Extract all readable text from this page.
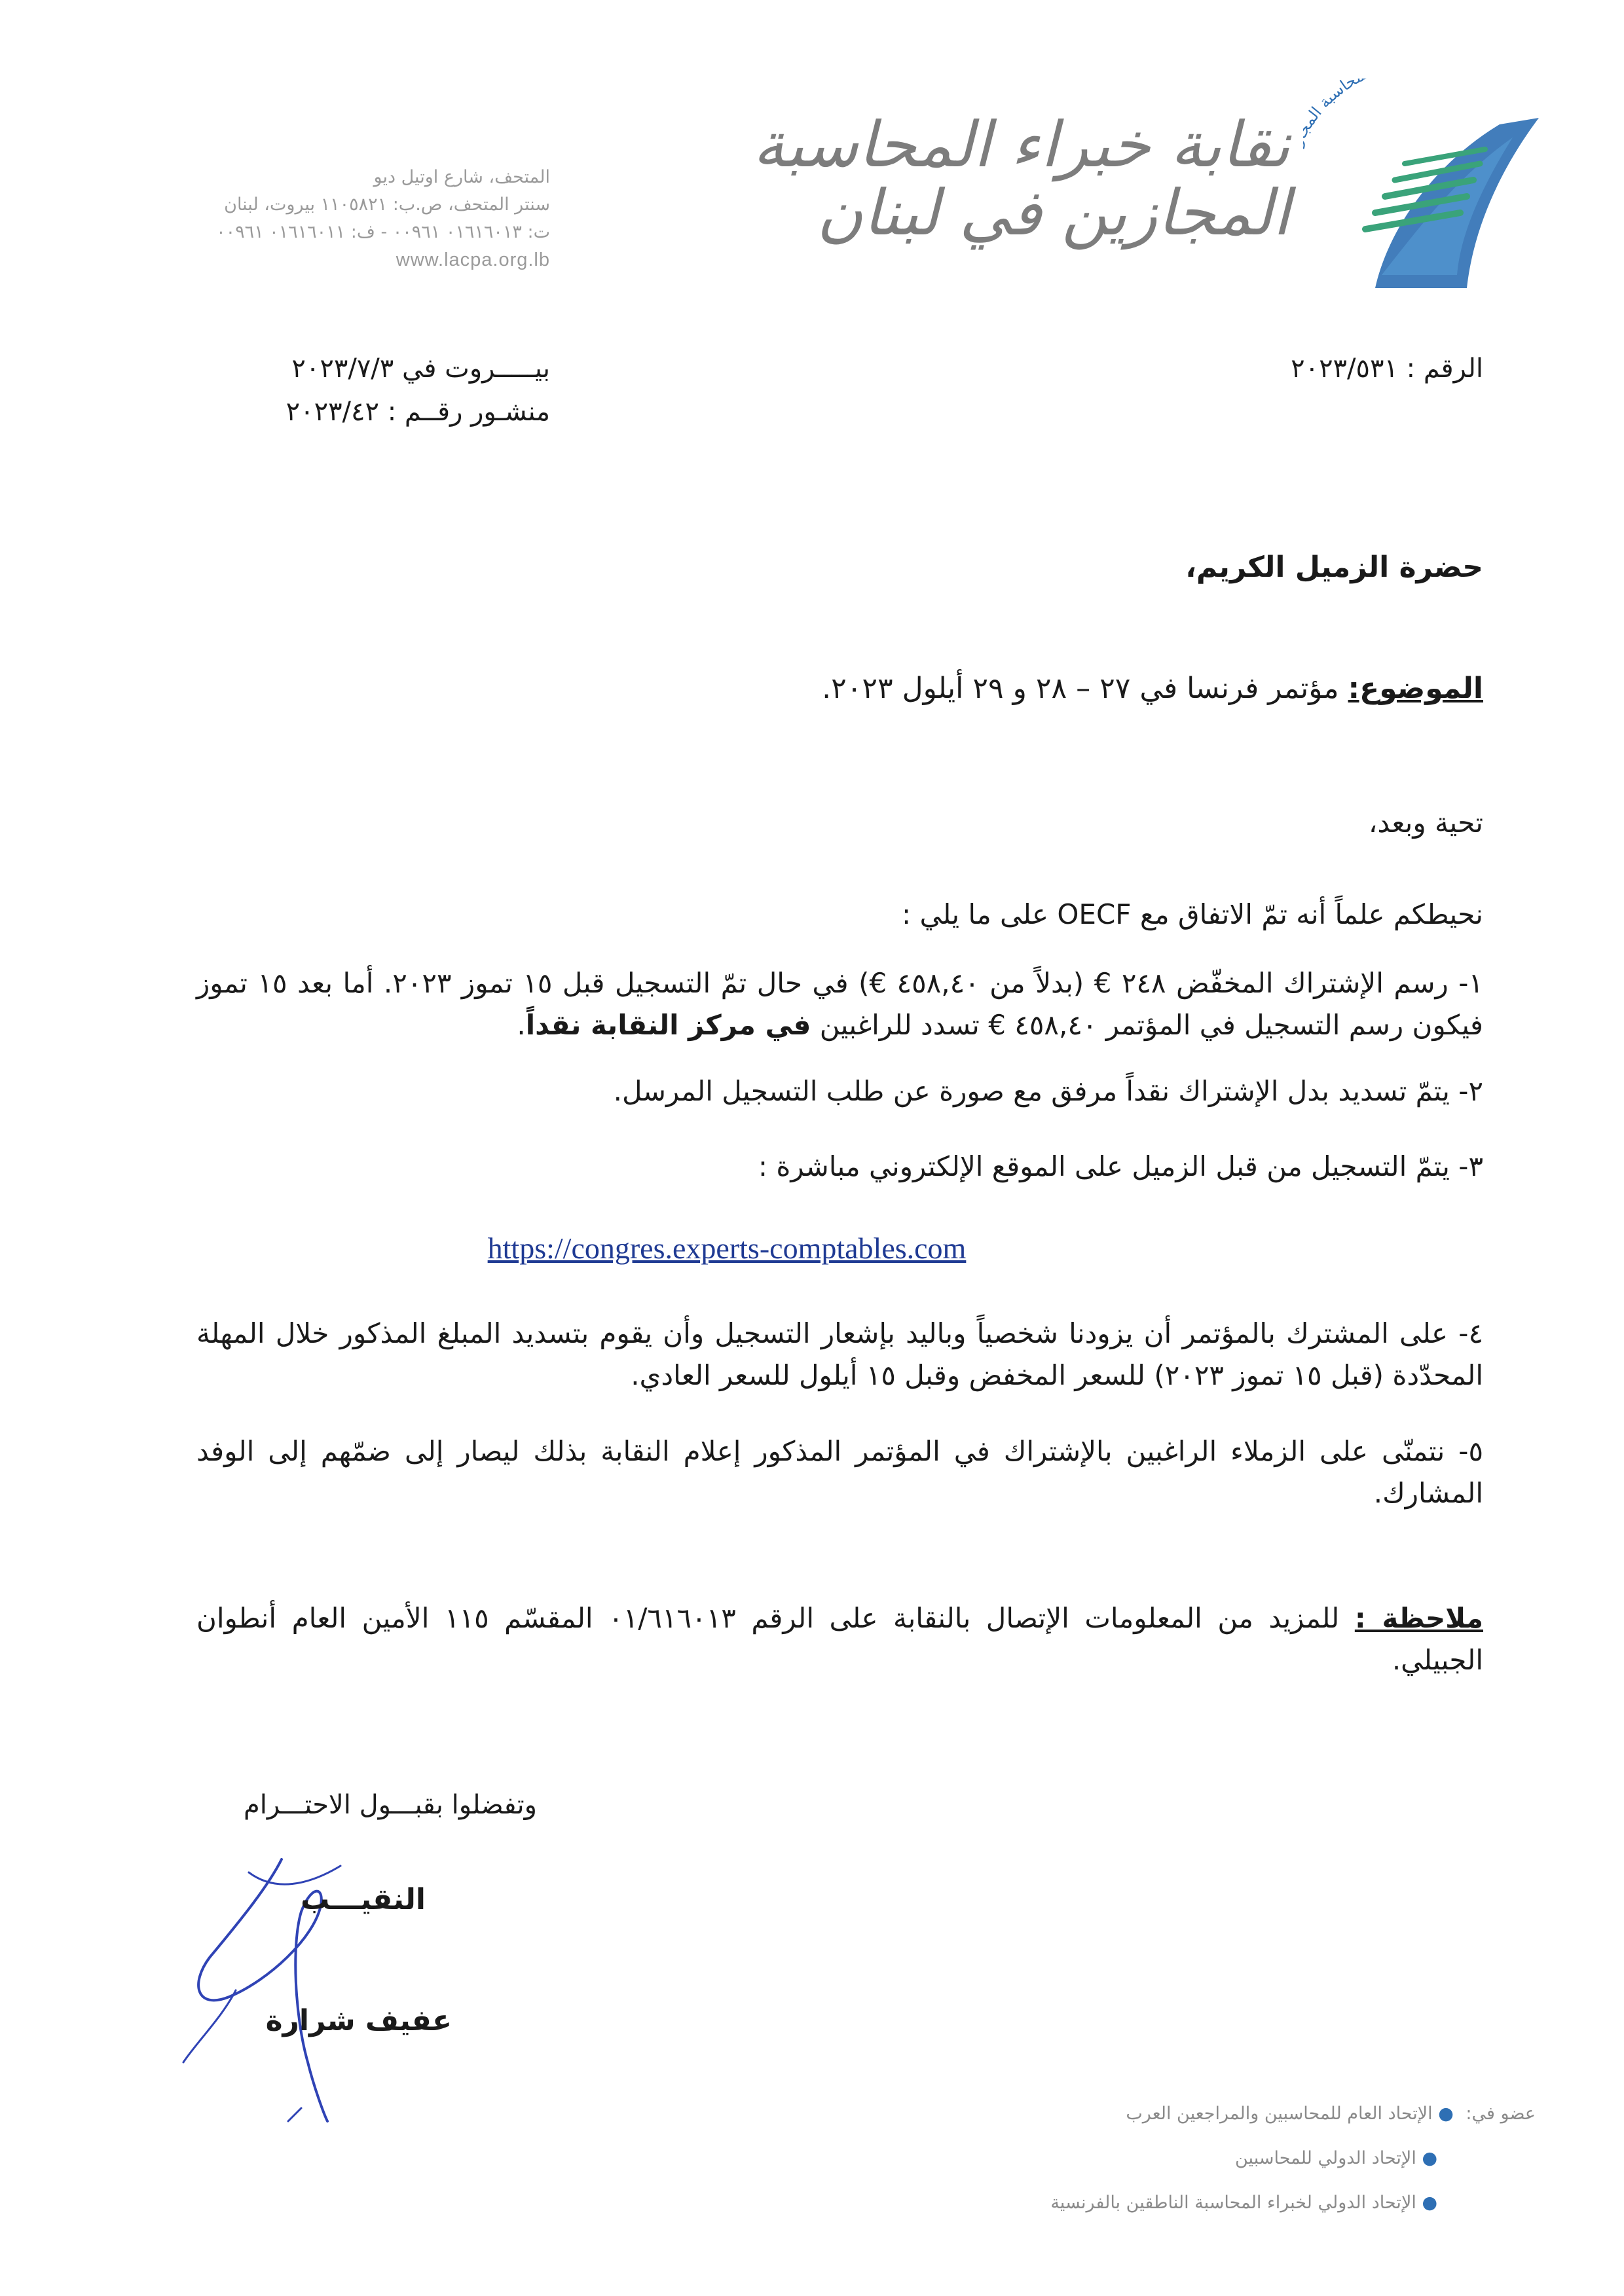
حاسبة ال
نقابة خبراء المحاسبة
المجازين في لبنان
المتحف، شارع اوتيل ديو
سنتر المتحف، ص.ب: ١١٠٥٨٢١ بيروت، لبنان
ت: ٠١٦١٦٠١٣ ٠٠٩٦١ - ف: ٠١٦١٦٠١١ ٠٠٩٦١
www.lacpa.org.lb
الرقم : ٢٠٢٣/٥٣١
بيـــــروت في ٢٠٢٣/٧/٣
منشـور رقــم : ٢٠٢٣/٤٢
حضرة الزميل الكريم،
الموضوع: مؤتمر فرنسا في ٢٧ – ٢٨ و ٢٩ أيلول ٢٠٢٣.
تحية وبعد،
نحيطكم علماً أنه تمّ الاتفاق مع OECF على ما يلي :
١- رسم الإشتراك المخفّض ٢٤٨ € (بدلاً من ٤٥٨,٤٠ €) في حال تمّ التسجيل قبل ١٥ تموز ٢٠٢٣. أما بعد ١٥ تموز فيكون رسم التسجيل في المؤتمر ٤٥٨,٤٠ € تسدد للراغبين في مركز النقابة نقداً.
٢- يتمّ تسديد بدل الإشتراك نقداً مرفق مع صورة عن طلب التسجيل المرسل.
٣- يتمّ التسجيل من قبل الزميل على الموقع الإلكتروني مباشرة :
https://congres.experts-comptables.com
٤- على المشترك بالمؤتمر أن يزودنا شخصياً وباليد بإشعار التسجيل وأن يقوم بتسديد المبلغ المذكور خلال المهلة المحدّدة (قبل ١٥ تموز ٢٠٢٣) للسعر المخفض وقبل ١٥ أيلول للسعر العادي.
٥- نتمنّى على الزملاء الراغبين بالإشتراك في المؤتمر المذكور إعلام النقابة بذلك ليصار إلى ضمّهم إلى الوفد المشارك.
ملاحظة : للمزيد من المعلومات الإتصال بالنقابة على الرقم ٠١/٦١٦٠١٣ المقسّم ١١٥ الأمين العام أنطوان الجبيلي.
وتفضلوا بقبـــول الاحتـــرام
النقيـــب
عفيف شرارة
عضو في: ● الإتحاد العام للمحاسبين والمراجعين العرب
● الإتحاد الدولي للمحاسبين
● الإتحاد الدولي لخبراء المحاسبة الناطقين بالفرنسية
